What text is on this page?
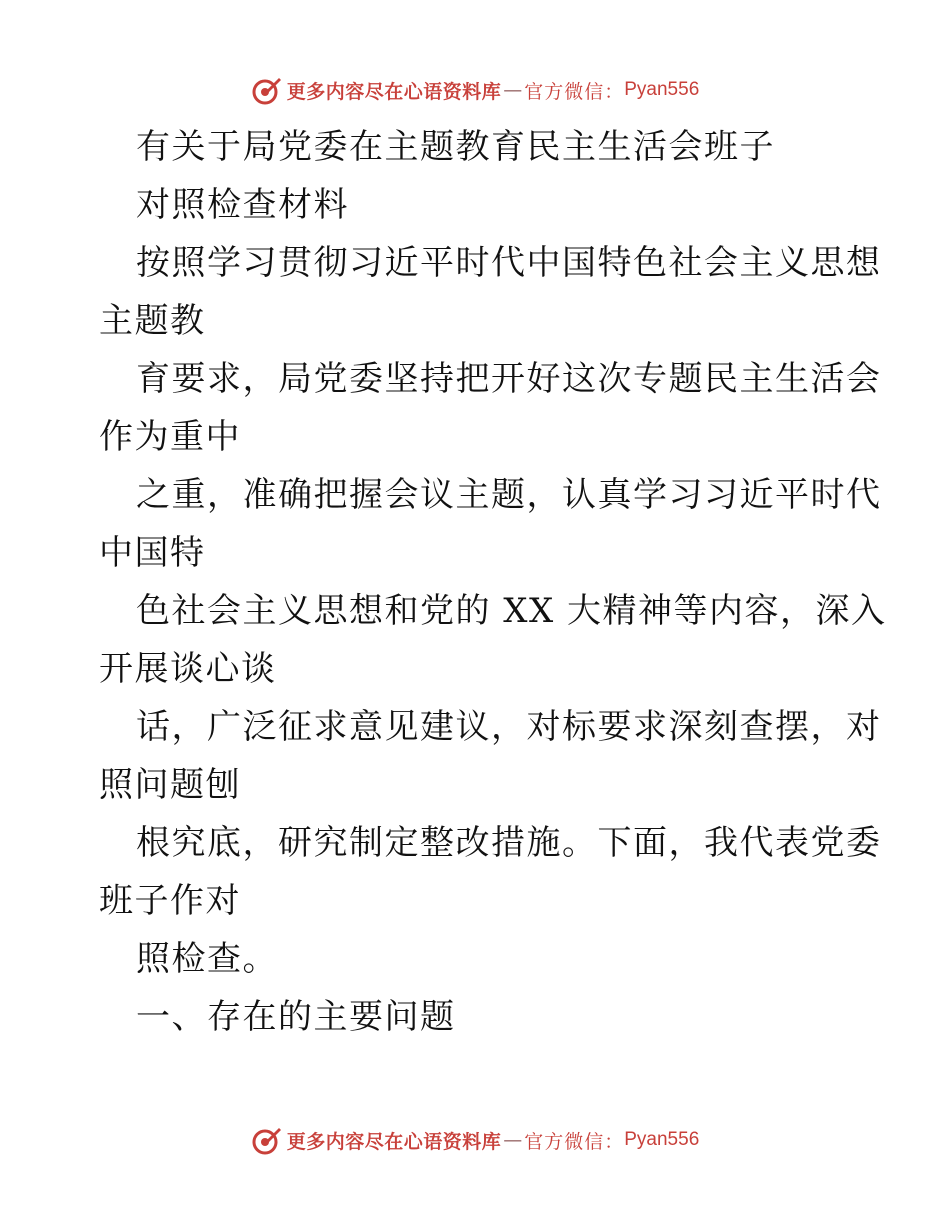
更多内容尽在心语资料库 — 官方微信： Pyan556
有关于局党委在主题教育民主生活会班子
对照检查材料
按照学习贯彻习近平时代中国特色社会主义思想
主题教
育要求，局党委坚持把开好这次专题民主生活会
作为重中
之重，准确把握会议主题，认真学习习近平时代
中国特
色社会主义思想和党的 XX 大精神等内容，深入
开展谈心谈
话，广泛征求意见建议，对标要求深刻查摆，对
照问题刨
根究底，研究制定整改措施。下面，我代表党委
班子作对
照检查。
一、存在的主要问题
更多内容尽在心语资料库 — 官方微信： Pyan556
